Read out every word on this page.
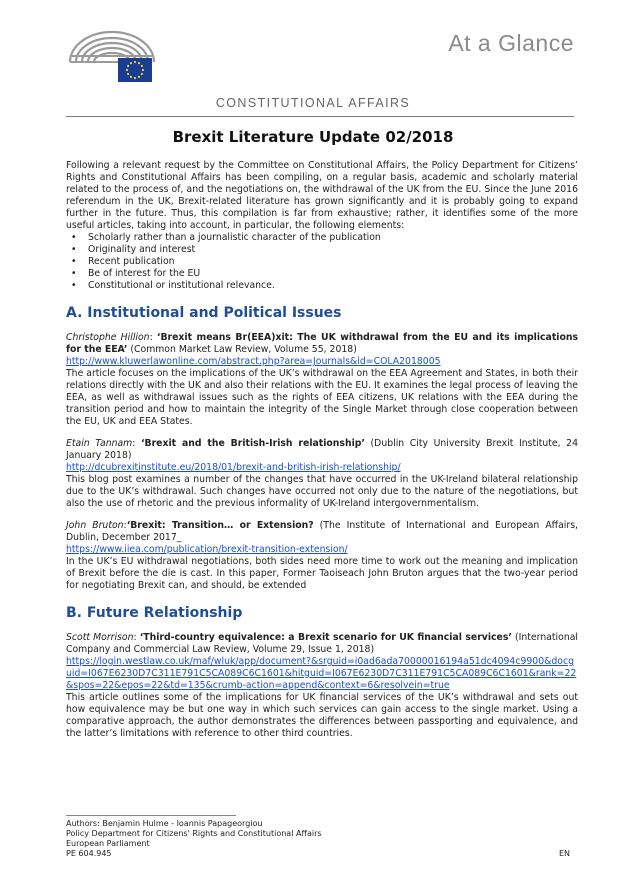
At a Glance
CONSTITUTIONAL AFFAIRS
Brexit Literature Update 02/2018

Following a relevant request by the Committee on Constitutional Affairs, the Policy Department for Citizens’ Rights and Constitutional Affairs has been compiling, on a regular basis, academic and scholarly material related to the process of, and the negotiations on, the withdrawal of the UK from the EU. Since the June 2016 referendum in the UK, Brexit-related literature has grown significantly and it is probably going to expand further in the future. Thus, this compilation is far from exhaustive; rather, it identifies some of the more useful articles, taking into account, in particular, the following elements:

• Scholarly rather than a journalistic character of the publication
• Originality and interest
• Recent publication
• Be of interest for the EU
• Constitutional or institutional relevance.
A. Institutional and Political Issues

Christophe Hillion: ‘Brexit means Br(EEA)xit: The UK withdrawal from the EU and its implications for the EEA’ (Common Market Law Review, Volume 55, 2018)

http://www.kluwerlawonline.com/abstract.php?area=Journals&id=COLA2018005

The article focuses on the implications of the UK’s withdrawal on the EEA Agreement and States, in both their relations directly with the UK and also their relations with the EU. It examines the legal process of leaving the EEA, as well as withdrawal issues such as the rights of EEA citizens, UK relations with the EEA during the transition period and how to maintain the integrity of the Single Market through close cooperation between the EU, UK and EEA States.

Etain Tannam: ‘Brexit and the British-Irish relationship’ (Dublin City University Brexit Institute, 24 January 2018)

http://dcubrexitinstitute.eu/2018/01/brexit-and-british-irish-relationship/

This blog post examines a number of the changes that have occurred in the UK-Ireland bilateral relationship due to the UK’s withdrawal. Such changes have occurred not only due to the nature of the negotiations, but also the use of rhetoric and the previous informality of UK-Ireland intergovernmentalism.

John Bruton:‘Brexit: Transition… or Extension? (The Institute of International and European Affairs, Dublin, December 2017_

https://www.iiea.com/publication/brexit-transition-extension/

In the UK’s EU withdrawal negotiations, both sides need more time to work out the meaning and implication of Brexit before the die is cast. In this paper, Former Taoiseach John Bruton argues that the two-year period for negotiating Brexit can, and should, be extended

B. Future Relationship

Scott Morrison: ‘Third-country equivalence: a Brexit scenario for UK financial services’ (International Company and Commercial Law Review, Volume 29, Issue 1, 2018)

https://login.westlaw.co.uk/maf/wluk/app/document?&srguid=i0ad6ada70000016194a51dc4094c9900&docguid=I067E6230D7C311E791C5CA089C6C1601&hitguid=I067E6230D7C311E791C5CA089C6C1601&rank=22&spos=22&epos=22&td=135&crumb-action=append&context=6&resolvein=true

This article outlines some of the implications for UK financial services of the UK’s withdrawal and sets out how equivalence may be but one way in which such services can gain access to the single market. Using a comparative approach, the author demonstrates the differences between passporting and equivalence, and the latter’s limitations with reference to other third countries.

Authors: Benjamin Hulme - Ioannis Papageorgiou
Policy Department for Citizens' Rights and Constitutional Affairs
European Parliament
PE 604.945	EN
